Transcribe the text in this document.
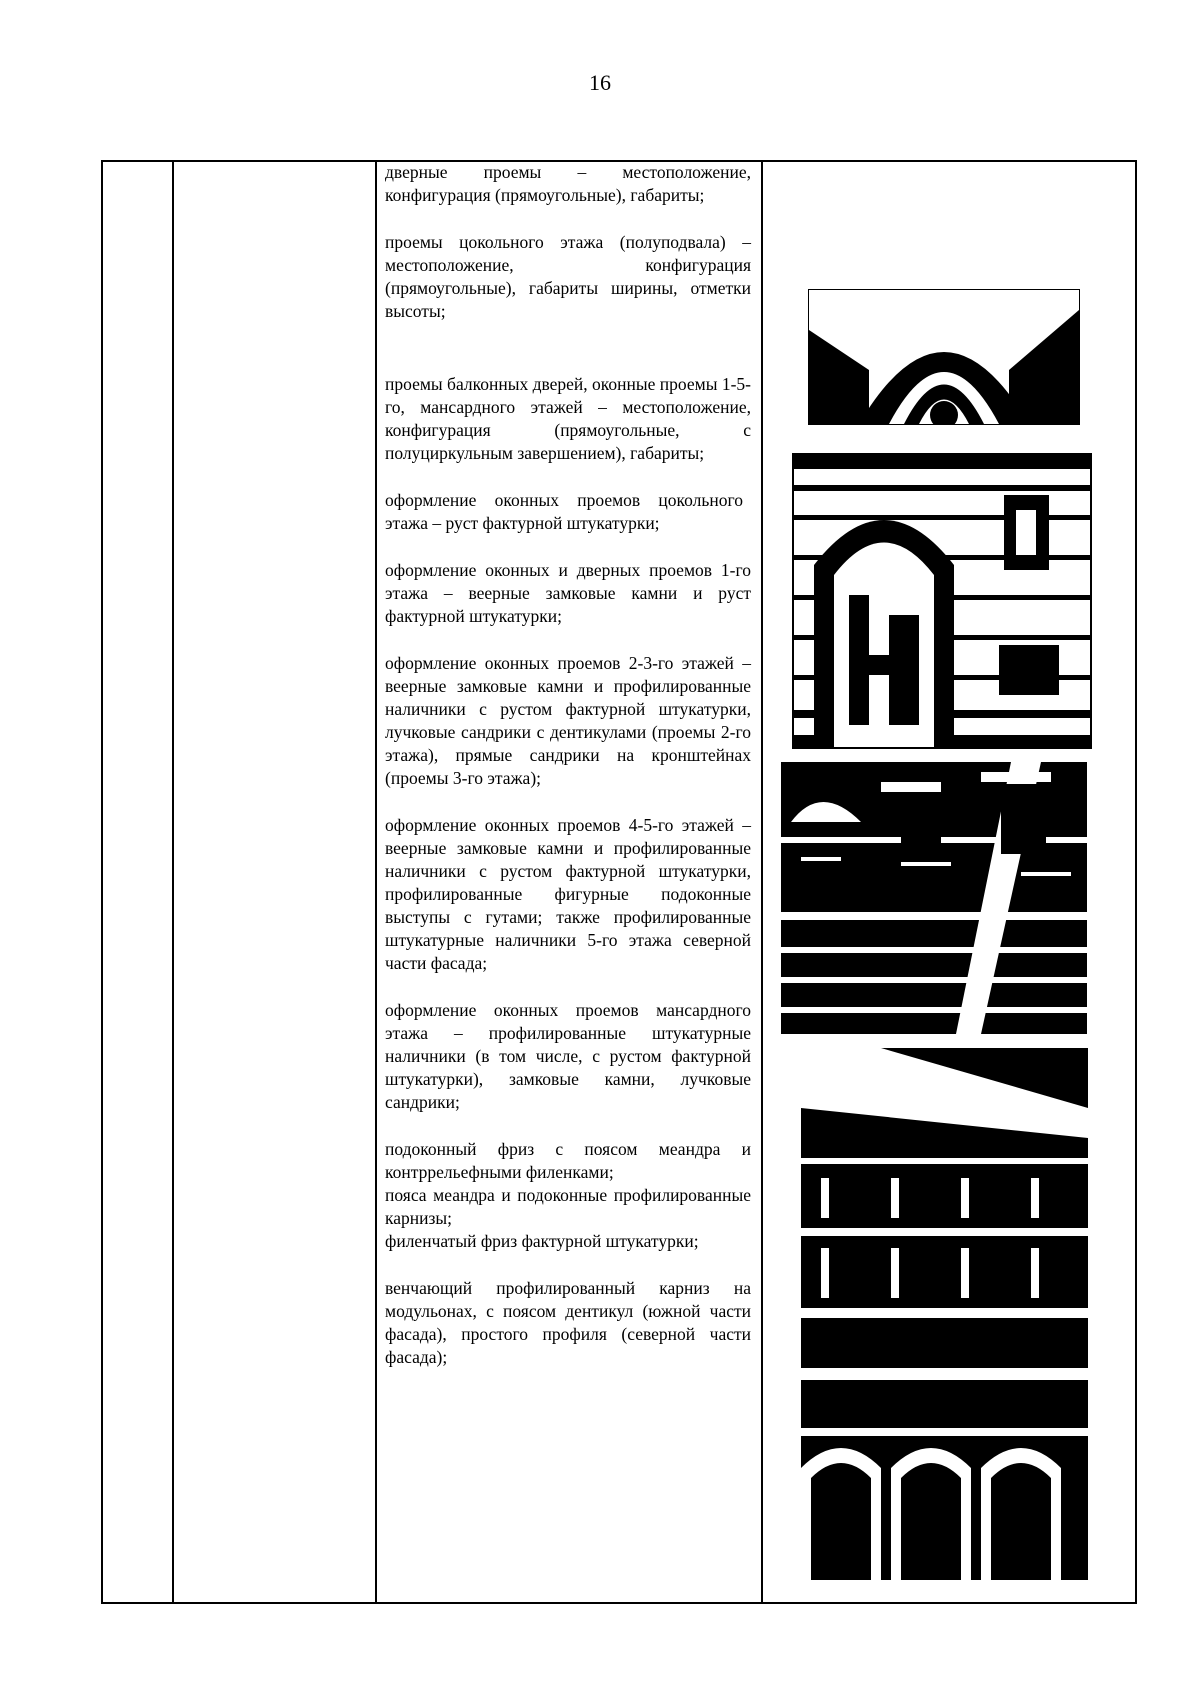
16

дверные проемы – местоположение, конфигурация (прямоугольные), габариты;

проемы цокольного этажа (полуподвала) – местоположение, конфигурация (прямоугольные), габариты ширины, отметки высоты;

проемы балконных дверей, оконные проемы 1-5-го, мансардного этажей – местоположение, конфигурация (прямоугольные, с полуциркульным завершением), габариты;

оформление оконных проемов цокольного этажа – руст фактурной штукатурки;

оформление оконных и дверных проемов 1-го этажа – веерные замковые камни и руст фактурной штукатурки;

оформление оконных проемов 2-3-го этажей – веерные замковые камни и профилированные наличники с рустом фактурной штукатурки, лучковые сандрики с дентикулами (проемы 2-го этажа), прямые сандрики на кронштейнах (проемы 3-го этажа);

оформление оконных проемов 4-5-го этажей – веерные замковые камни и профилированные наличники с рустом фактурной штукатурки, профилированные фигурные подоконные выступы с гутами; также профилированные штукатурные наличники 5-го этажа северной части фасада;

оформление оконных проемов мансардного этажа – профилированные штукатурные наличники (в том числе, с рустом фактурной штукатурки), замковые камни, лучковые сандрики;

подоконный фриз с поясом меандра и контррельефными филенками;

пояса меандра и подоконные профилированные карнизы;

филенчатый фриз фактурной штукатурки;

венчающий профилированный карниз на модульонах, с поясом дентикул (южной части фасада), простого профиля (северной части фасада);
